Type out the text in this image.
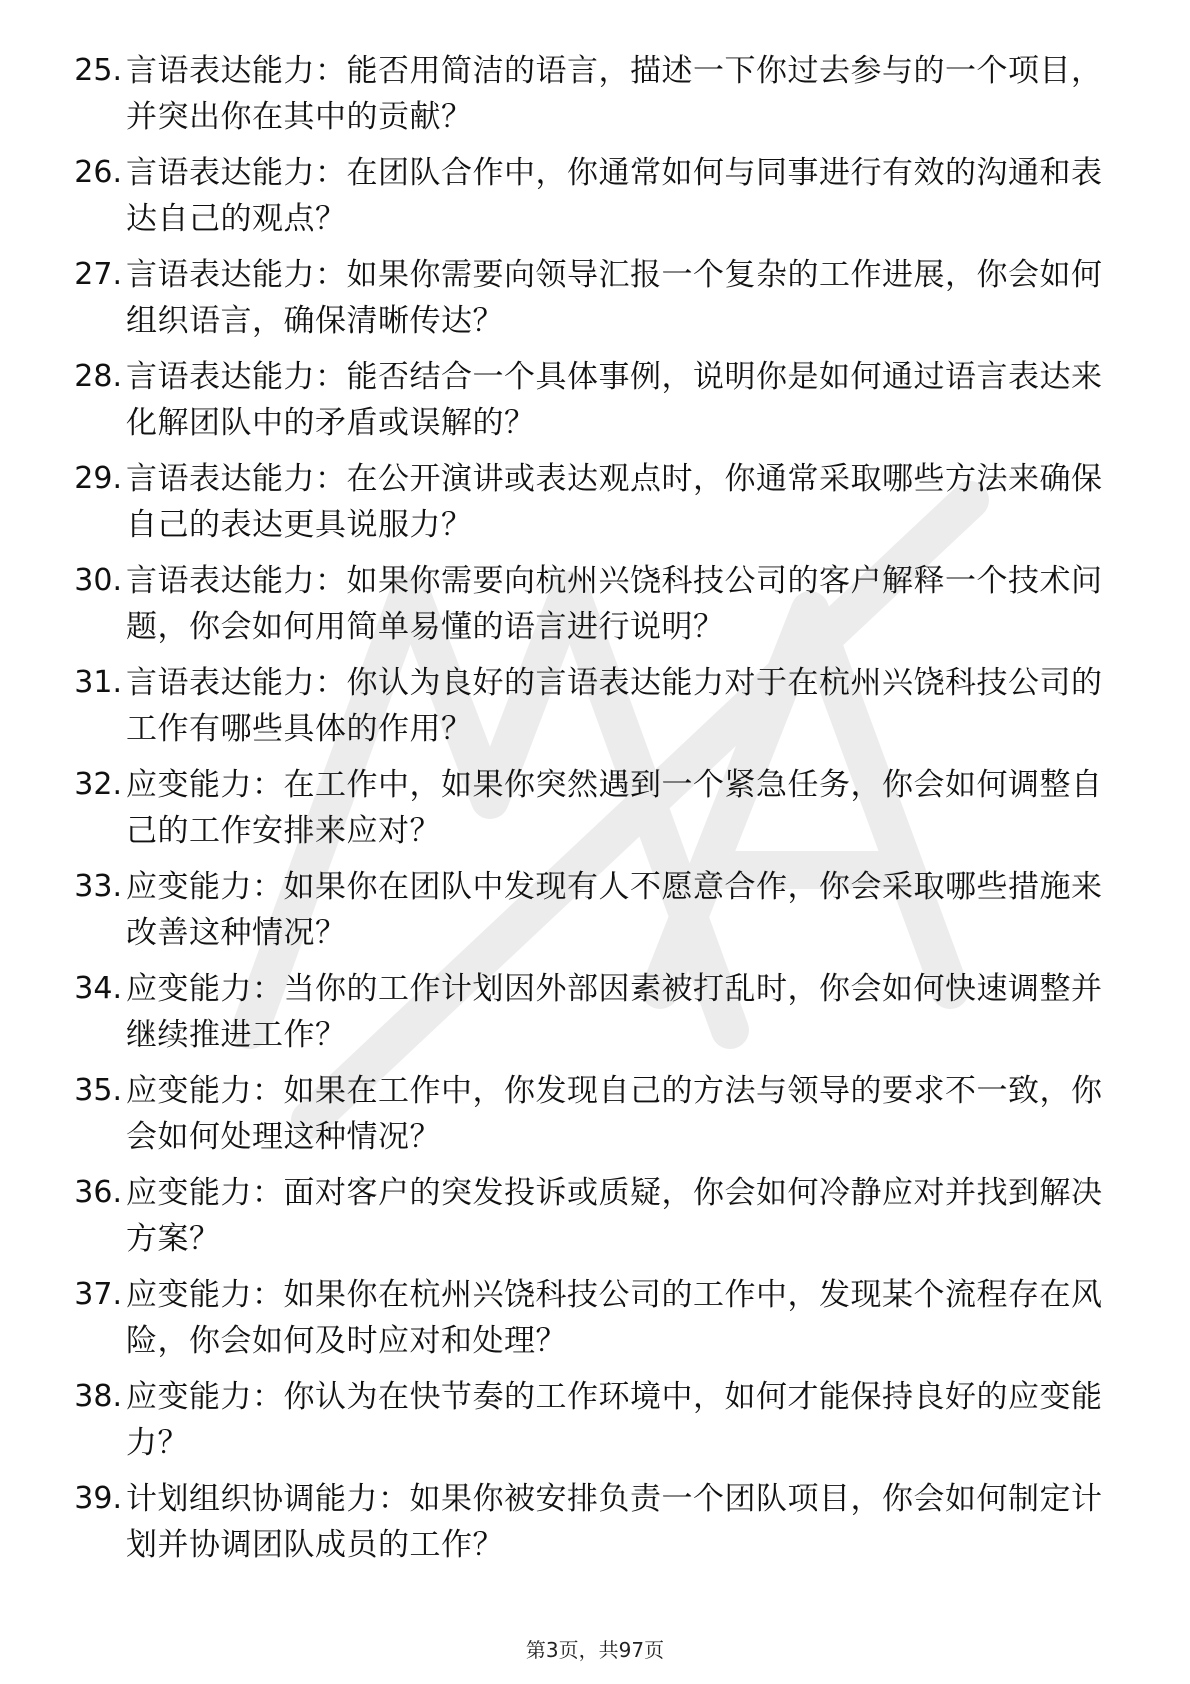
25. 言语表达能力：能否用简洁的语言，描述一下你过去参与的一个项目，并突出你在其中的贡献？
26. 言语表达能力：在团队合作中，你通常如何与同事进行有效的沟通和表达自己的观点？
27. 言语表达能力：如果你需要向领导汇报一个复杂的工作进展，你会如何组织语言，确保清晰传达？
28. 言语表达能力：能否结合一个具体事例，说明你是如何通过语言表达来化解团队中的矛盾或误解的？
29. 言语表达能力：在公开演讲或表达观点时，你通常采取哪些方法来确保自己的表达更具说服力？
30. 言语表达能力：如果你需要向杭州兴饶科技公司的客户解释一个技术问题，你会如何用简单易懂的语言进行说明？
31. 言语表达能力：你认为良好的言语表达能力对于在杭州兴饶科技公司的工作有哪些具体的作用？
32. 应变能力：在工作中，如果你突然遇到一个紧急任务，你会如何调整自己的工作安排来应对？
33. 应变能力：如果你在团队中发现有人不愿意合作，你会采取哪些措施来改善这种情况？
34. 应变能力：当你的工作计划因外部因素被打乱时，你会如何快速调整并继续推进工作？
35. 应变能力：如果在工作中，你发现自己的方法与领导的要求不一致，你会如何处理这种情况？
36. 应变能力：面对客户的突发投诉或质疑，你会如何冷静应对并找到解决方案？
37. 应变能力：如果你在杭州兴饶科技公司的工作中，发现某个流程存在风险，你会如何及时应对和处理？
38. 应变能力：你认为在快节奏的工作环境中，如何才能保持良好的应变能力？
39. 计划组织协调能力：如果你被安排负责一个团队项目，你会如何制定计划并协调团队成员的工作？
第3页，共97页
